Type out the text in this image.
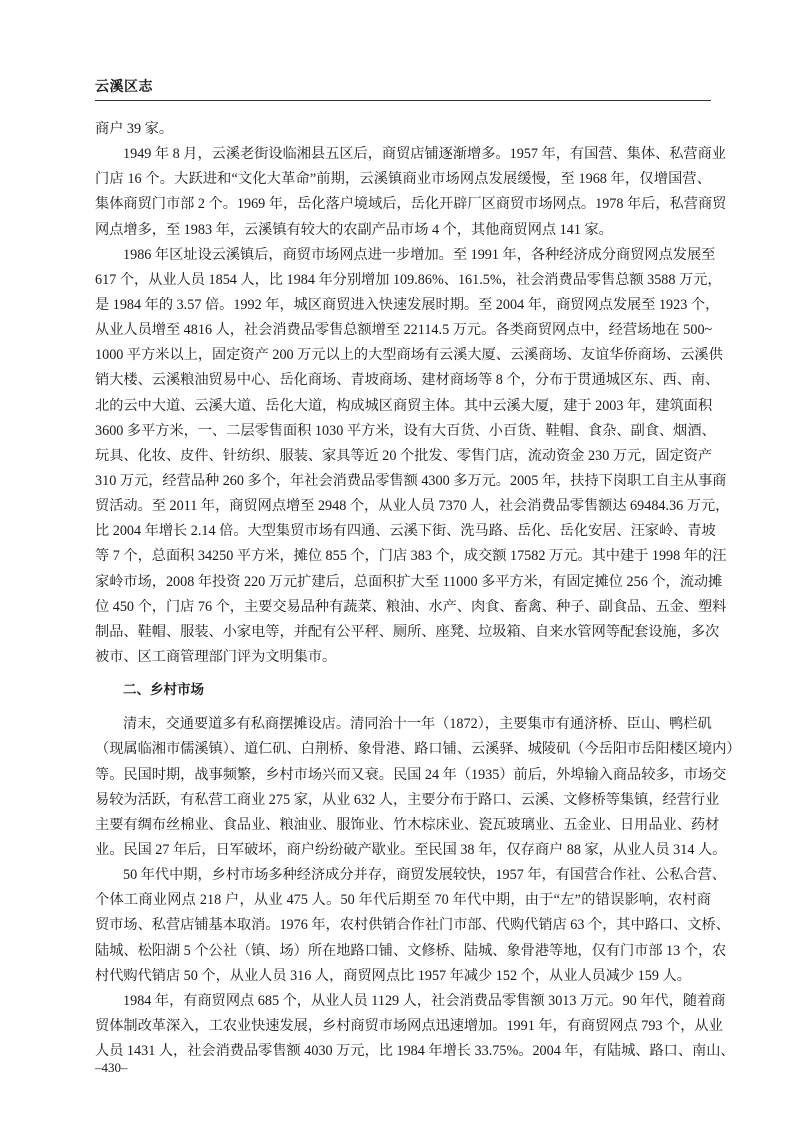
云溪区志
商户 39 家。
1949 年 8 月，云溪老街设临湘县五区后，商贸店铺逐渐增多。1957 年，有国营、集体、私营商业
门店 16 个。大跃进和“文化大革命”前期，云溪镇商业市场网点发展缓慢，至 1968 年，仅增国营、
集体商贸门市部 2 个。1969 年，岳化落户境域后，岳化开辟厂区商贸市场网点。1978 年后，私营商贸
网点增多，至 1983 年，云溪镇有较大的农副产品市场 4 个，其他商贸网点 141 家。
1986 年区址设云溪镇后，商贸市场网点进一步增加。至 1991 年，各种经济成分商贸网点发展至
617 个，从业人员 1854 人，比 1984 年分别增加 109.86%、161.5%，社会消费品零售总额 3588 万元，
是 1984 年的 3.57 倍。1992 年，城区商贸进入快速发展时期。至 2004 年，商贸网点发展至 1923 个，
从业人员增至 4816 人，社会消费品零售总额增至 22114.5 万元。各类商贸网点中，经营场地在 500~
1000 平方米以上，固定资产 200 万元以上的大型商场有云溪大厦、云溪商场、友谊华侨商场、云溪供
销大楼、云溪粮油贸易中心、岳化商场、青坡商场、建材商场等 8 个，分布于贯通城区东、西、南、
北的云中大道、云溪大道、岳化大道，构成城区商贸主体。其中云溪大厦，建于 2003 年，建筑面积
3600 多平方米，一、二层零售面积 1030 平方米，设有大百货、小百货、鞋帽、食杂、副食、烟酒、
玩具、化妆、皮件、针纺织、服装、家具等近 20 个批发、零售门店，流动资金 230 万元，固定资产
310 万元，经营品种 260 多个，年社会消费品零售额 4300 多万元。2005 年，扶持下岗职工自主从事商
贸活动。至 2011 年，商贸网点增至 2948 个，从业人员 7370 人，社会消费品零售额达 69484.36 万元，
比 2004 年增长 2.14 倍。大型集贸市场有四通、云溪下街、洗马路、岳化、岳化安居、汪家岭、青坡
等 7 个，总面积 34250 平方米，摊位 855 个，门店 383 个，成交额 17582 万元。其中建于 1998 年的汪
家岭市场，2008 年投资 220 万元扩建后，总面积扩大至 11000 多平方米，有固定摊位 256 个，流动摊
位 450 个，门店 76 个，主要交易品种有蔬菜、粮油、水产、肉食、畜禽、种子、副食品、五金、塑料
制品、鞋帽、服装、小家电等，并配有公平秤、厕所、座凳、垃圾箱、自来水管网等配套设施，多次
被市、区工商管理部门评为文明集市。
二、乡村市场
清末，交通要道多有私商摆摊设店。清同治十一年（1872），主要集市有通济桥、臣山、鸭栏矶
（现属临湘市儒溪镇）、道仁矶、白荆桥、象骨港、路口铺、云溪驿、城陵矶（今岳阳市岳阳楼区境内）
等。民国时期，战事频繁，乡村市场兴而又衰。民国 24 年（1935）前后，外埠输入商品较多，市场交
易较为活跃，有私营工商业 275 家，从业 632 人，主要分布于路口、云溪、文修桥等集镇，经营行业
主要有绸布丝棉业、食品业、粮油业、服饰业、竹木棕床业、瓷瓦玻璃业、五金业、日用品业、药材
业。民国 27 年后，日军破坏，商户纷纷破产歇业。至民国 38 年，仅存商户 88 家，从业人员 314 人。
50 年代中期，乡村市场多种经济成分并存，商贸发展较快，1957 年，有国营合作社、公私合营、
个体工商业网点 218 户，从业 475 人。50 年代后期至 70 年代中期，由于“左”的错误影响，农村商
贸市场、私营店铺基本取消。1976 年，农村供销合作社门市部、代购代销店 63 个，其中路口、文桥、
陆城、松阳湖 5 个公社（镇、场）所在地路口铺、文修桥、陆城、象骨港等地，仅有门市部 13 个，农
村代购代销店 50 个，从业人员 316 人，商贸网点比 1957 年减少 152 个，从业人员减少 159 人。
1984 年，有商贸网点 685 个，从业人员 1129 人，社会消费品零售额 3013 万元。90 年代，随着商
贸体制改革深入，工农业快速发展，乡村商贸市场网点迅速增加。1991 年，有商贸网点 793 个，从业
人员 1431 人，社会消费品零售额 4030 万元，比 1984 年增长 33.75%。2004 年，有陆城、路口、南山、
–430–
